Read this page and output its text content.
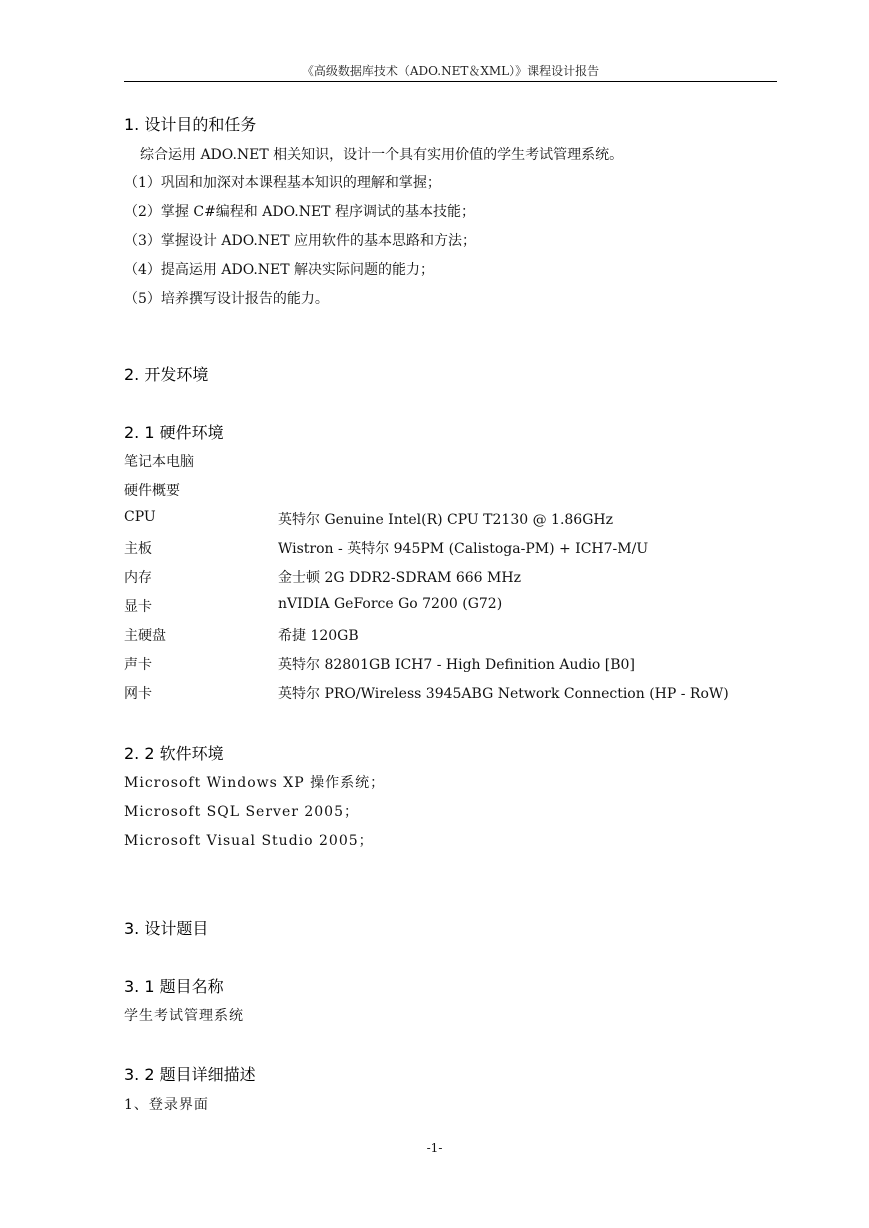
《高级数据库技术（ADO.NET＆XML）》课程设计报告
1. 设计目的和任务
综合运用 ADO.NET 相关知识，设计一个具有实用价值的学生考试管理系统。
（1）巩固和加深对本课程基本知识的理解和掌握；
（2）掌握 C#编程和 ADO.NET 程序调试的基本技能；
（3）掌握设计 ADO.NET 应用软件的基本思路和方法；
（4）提高运用 ADO.NET 解决实际问题的能力；
（5）培养撰写设计报告的能力。
2. 开发环境
2. 1 硬件环境
笔记本电脑
硬件概要
CPU	英特尔 Genuine Intel(R) CPU T2130 @ 1.86GHz
主板	Wistron - 英特尔 945PM (Calistoga-PM) + ICH7-M/U
内存	金士顿 2G DDR2-SDRAM 666 MHz
显卡	nVIDIA GeForce Go 7200 (G72)
主硬盘	希捷 120GB
声卡	英特尔 82801GB ICH7 - High Definition Audio [B0]
网卡	英特尔 PRO/Wireless 3945ABG Network Connection (HP - RoW)
2. 2 软件环境
Microsoft Windows XP 操作系统；
Microsoft SQL Server 2005；
Microsoft Visual Studio 2005；
3. 设计题目
3. 1 题目名称
学生考试管理系统
3. 2 题目详细描述
1、登录界面
-1-
